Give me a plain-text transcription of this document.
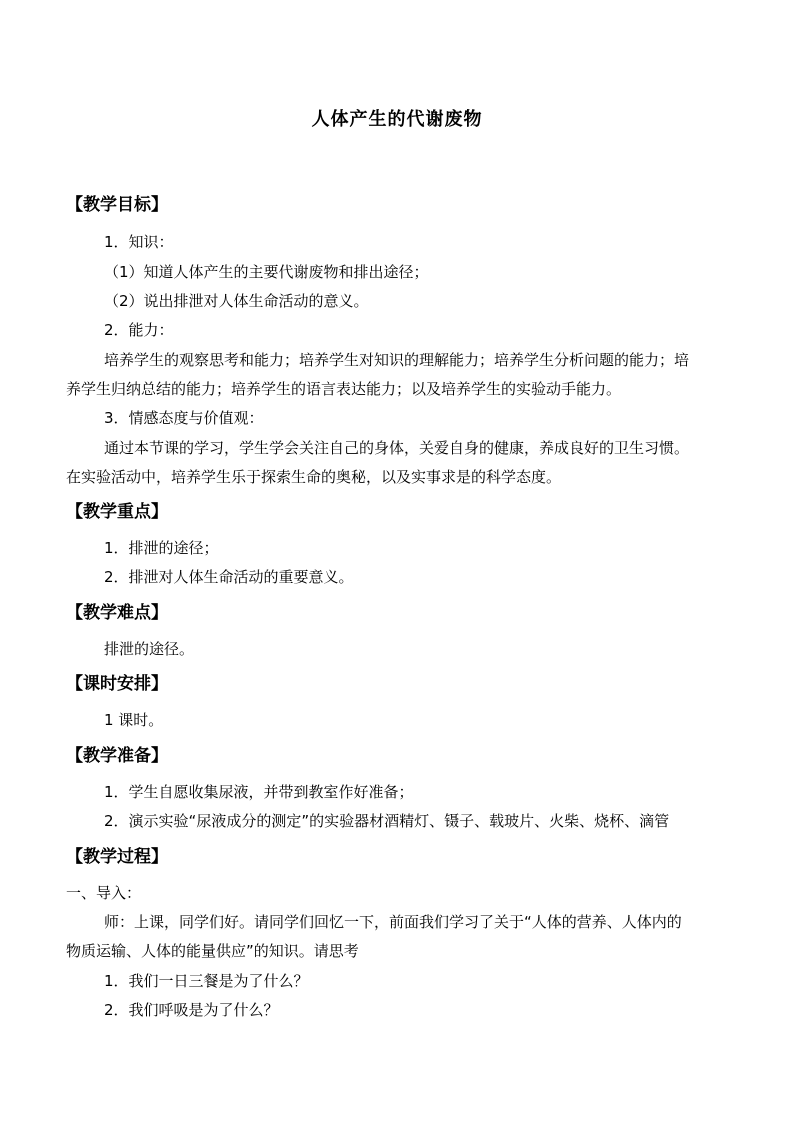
人体产生的代谢废物
【教学目标】
1．知识：
（1）知道人体产生的主要代谢废物和排出途径；
（2）说出排泄对人体生命活动的意义。
2．能力：
培养学生的观察思考和能力；培养学生对知识的理解能力；培养学生分析问题的能力；培
养学生归纳总结的能力；培养学生的语言表达能力；以及培养学生的实验动手能力。
3．情感态度与价值观：
通过本节课的学习，学生学会关注自己的身体，关爱自身的健康，养成良好的卫生习惯。
在实验活动中，培养学生乐于探索生命的奥秘，以及实事求是的科学态度。
【教学重点】
1．排泄的途径；
2．排泄对人体生命活动的重要意义。
【教学难点】
排泄的途径。
【课时安排】
1 课时。
【教学准备】
1．学生自愿收集尿液，并带到教室作好准备；
2．演示实验“尿液成分的测定”的实验器材酒精灯、镊子、载玻片、火柴、烧杯、滴管
【教学过程】
一、导入：
师：上课，同学们好。请同学们回忆一下，前面我们学习了关于“人体的营养、人体内的
物质运输、人体的能量供应”的知识。请思考
1．我们一日三餐是为了什么？
2．我们呼吸是为了什么？
